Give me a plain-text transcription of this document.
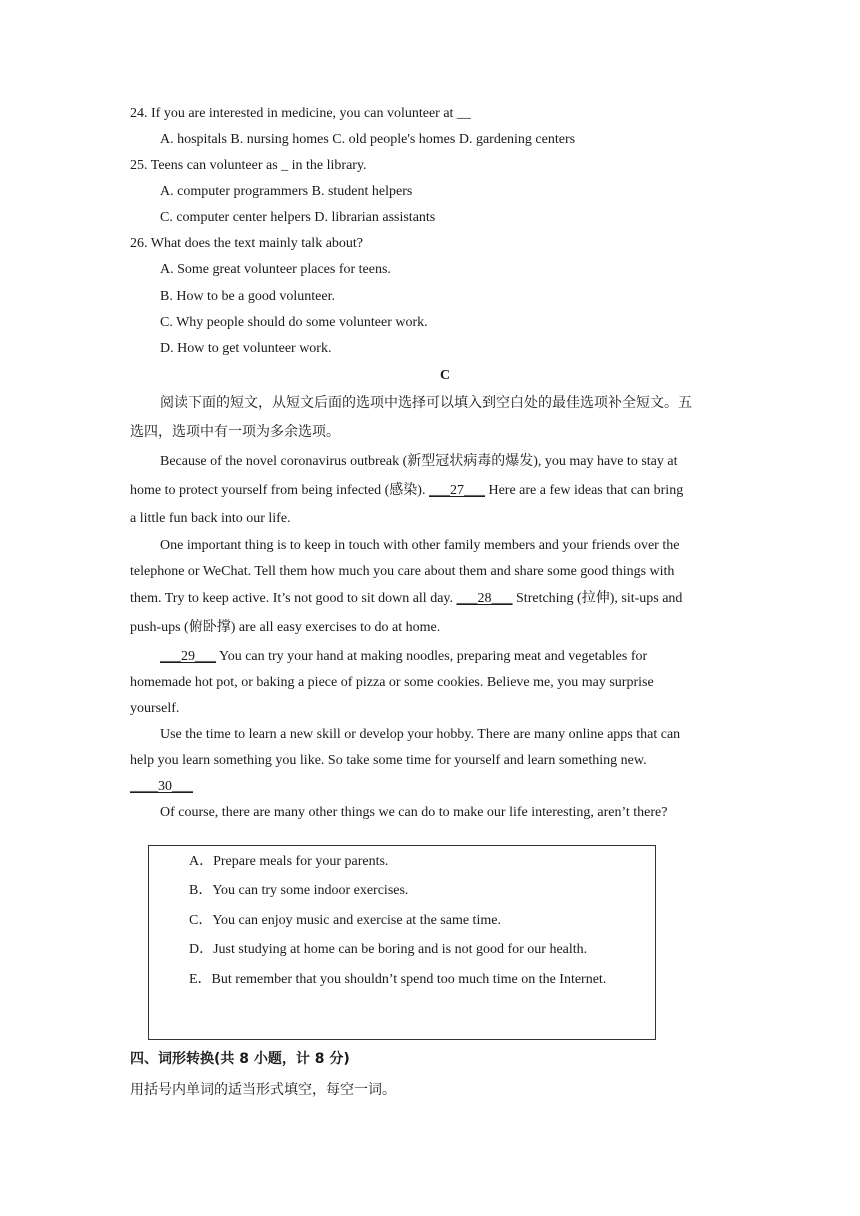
24. If you are interested in medicine, you can volunteer at __
A. hospitals B. nursing homes C. old people's homes D. gardening centers
25. Teens can volunteer as _ in the library.
A. computer programmers B. student helpers
C. computer center helpers D. librarian assistants
26. What does the text mainly talk about?
A. Some great volunteer places for teens.
B. How to be a good volunteer.
C. Why people should do some volunteer work.
D. How to get volunteer work.
C
阅读下面的短文，从短文后面的选项中选择可以填入到空白处的最佳选项补全短文。五
选四，选项中有一项为多余选项。
Because of the novel coronavirus outbreak (新型冠状病毒的爆发), you may have to stay at
home to protect yourself from being infected (感染). ___27___ Here are a few ideas that can bring
a little fun back into our life.
One important thing is to keep in touch with other family members and your friends over the
telephone or WeChat. Tell them how much you care about them and share some good things with
them. Try to keep active. It’s not good to sit down all day. ___28___ Stretching (拉伸), sit-ups and
push-ups (俯卧撑) are all easy exercises to do at home.
___29___ You can try your hand at making noodles, preparing meat and vegetables for
homemade hot pot, or baking a piece of pizza or some cookies. Believe me, you may surprise
yourself.
Use the time to learn a new skill or develop your hobby. There are many online apps that can
help you learn something you like. So take some time for yourself and learn something new.
____30___
Of course, there are many other things we can do to make our life interesting, aren’t there?
A．Prepare meals for your parents.
B．You can try some indoor exercises.
C．You can enjoy music and exercise at the same time.
D．Just studying at home can be boring and is not good for our health.
E．But remember that you shouldn’t spend too much time on the Internet.
四、词形转换(共 8 小题，计 8 分)
用括号内单词的适当形式填空，每空一词。
